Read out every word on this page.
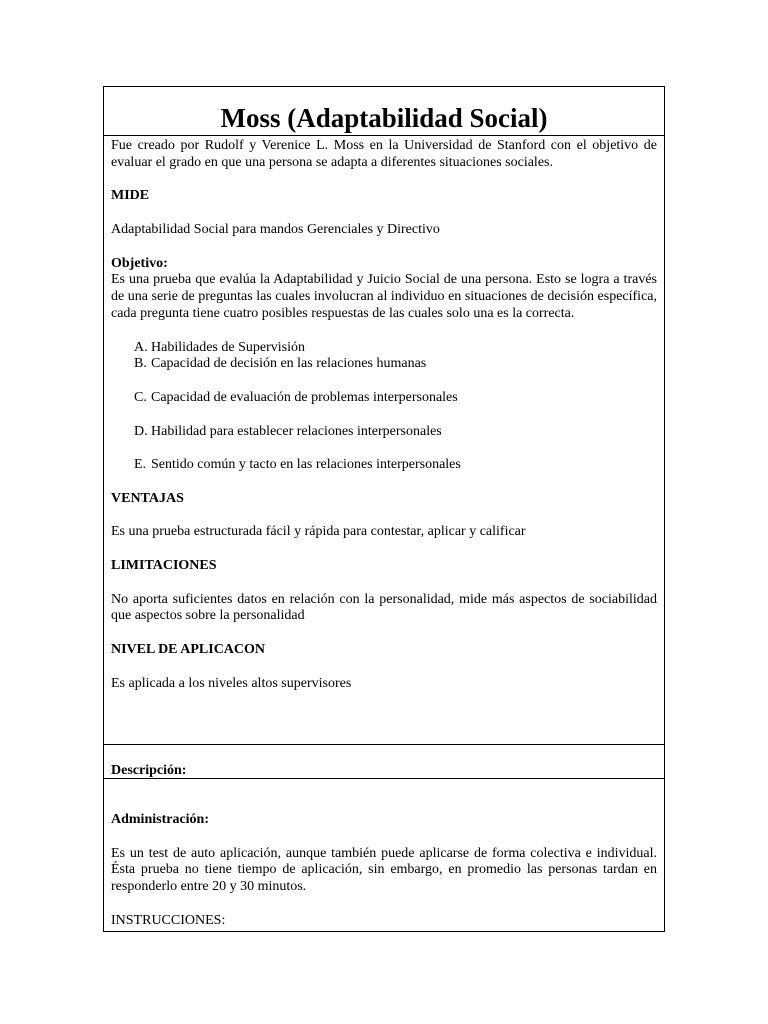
Moss (Adaptabilidad Social)

Fue creado por Rudolf y Verenice L. Moss en la Universidad de Stanford con el objetivo de evaluar el grado en que una persona se adapta a diferentes situaciones sociales.

MIDE

Adaptabilidad Social para mandos Gerenciales y Directivo

Objetivo:

Es una prueba que evalúa la Adaptabilidad y Juicio Social de una persona. Esto se logra a través de una serie de preguntas las cuales involucran al individuo en situaciones de decisión específica, cada pregunta tiene cuatro posibles respuestas de las cuales solo una es la correcta.

A. Habilidades de Supervisión
B. Capacidad de decisión en las relaciones humanas
C. Capacidad de evaluación de problemas interpersonales
D. Habilidad para establecer relaciones interpersonales
E. Sentido común y tacto en las relaciones interpersonales

VENTAJAS

Es una prueba estructurada fácil y rápida para contestar, aplicar y calificar

LIMITACIONES

No aporta suficientes datos en relación con la personalidad, mide más aspectos de sociabilidad que aspectos sobre la personalidad

NIVEL DE APLICACON

Es aplicada a los niveles altos supervisores

Descripción:

Administración:

Es un test de auto aplicación, aunque también puede aplicarse de forma colectiva e individual. Ésta prueba no tiene tiempo de aplicación, sin embargo, en promedio las personas tardan en responderlo entre 20 y 30 minutos.

INSTRUCCIONES:
